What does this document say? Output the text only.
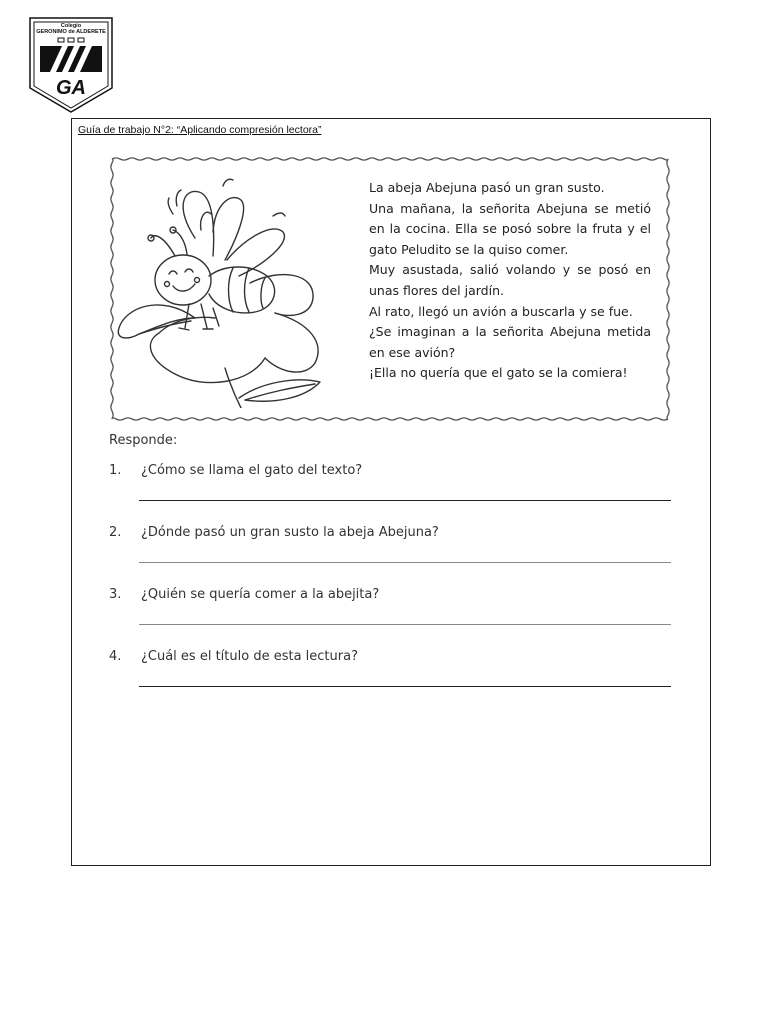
GA
Colegio
GERONIMO de ALDERETE
Guía de trabajo N°2: “Aplicando compresión lectora”
La abeja Abejuna pasó un gran susto.
Una mañana, la señorita Abejuna se metió
en la cocina. Ella se posó sobre la fruta y el
gato Peludito se la quiso comer.
Muy asustada, salió volando y se posó en
unas flores del jardín.
Al rato, llegó un avión a buscarla y se fue.
¿Se imaginan a la señorita Abejuna metida
en ese avión?
¡Ella no quería que el gato se la comiera!
Responde:
1. ¿Cómo se llama el gato del texto?
2. ¿Dónde pasó un gran susto la abeja Abejuna?
3. ¿Quién se quería comer a la abejita?
4. ¿Cuál es el título de esta lectura?
